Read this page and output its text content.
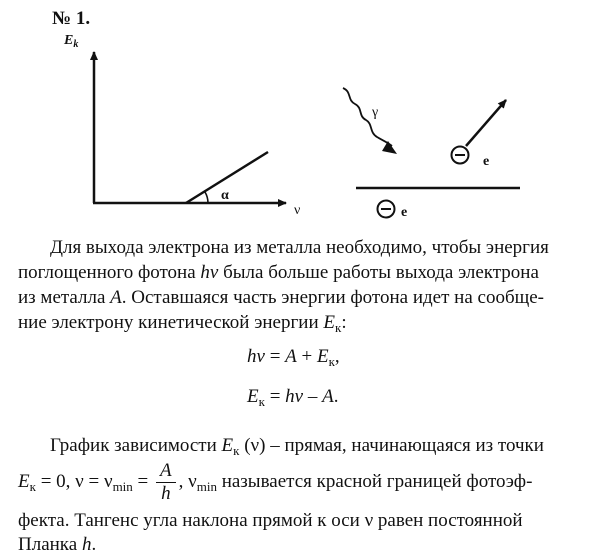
№ 1.
$E_k$
ν
α
γ
e
e
Для выхода электрона из металла необходимо, чтобы энергия
поглощенного фотона hν была больше работы выхода электрона
из металла A. Оставшаяся часть энергии фотона идет на сообще-
ние электрону кинетической энергии $E_к$:
$h\nu = A + E_к$,
$E_к = h\nu - A$.
График зависимости $E_к$ (ν) – прямая, начинающаяся из точки
$E_к = 0$, $\nu = \nu_{min} = \frac{A}{h}$ , $\nu_{min}$ называется красной границей фотоэф-
фекта. Тангенс угла наклона прямой к оси ν равен постоянной
Планка h.
